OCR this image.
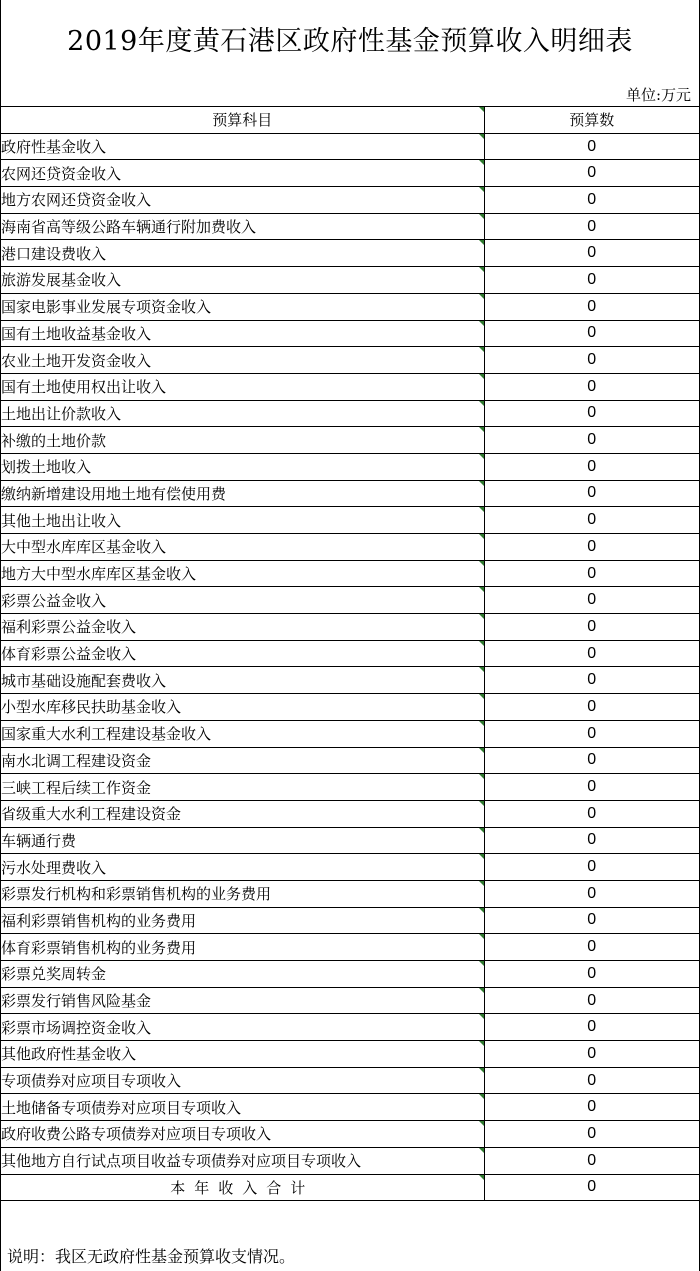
2019年度黄石港区政府性基金预算收入明细表
单位:万元
预算科目	预算数
政府性基金收入	0
农网还贷资金收入	0
地方农网还贷资金收入	0
海南省高等级公路车辆通行附加费收入	0
港口建设费收入	0
旅游发展基金收入	0
国家电影事业发展专项资金收入	0
国有土地收益基金收入	0
农业土地开发资金收入	0
国有土地使用权出让收入	0
土地出让价款收入	0
补缴的土地价款	0
划拨土地收入	0
缴纳新增建设用地土地有偿使用费	0
其他土地出让收入	0
大中型水库库区基金收入	0
地方大中型水库库区基金收入	0
彩票公益金收入	0
福利彩票公益金收入	0
体育彩票公益金收入	0
城市基础设施配套费收入	0
小型水库移民扶助基金收入	0
国家重大水利工程建设基金收入	0
南水北调工程建设资金	0
三峡工程后续工作资金	0
省级重大水利工程建设资金	0
车辆通行费	0
污水处理费收入	0
彩票发行机构和彩票销售机构的业务费用	0
福利彩票销售机构的业务费用	0
体育彩票销售机构的业务费用	0
彩票兑奖周转金	0
彩票发行销售风险基金	0
彩票市场调控资金收入	0
其他政府性基金收入	0
专项债券对应项目专项收入	0
土地储备专项债券对应项目专项收入	0
政府收费公路专项债券对应项目专项收入	0
其他地方自行试点项目收益专项债券对应项目专项收入	0
本年收入合计	0
说明：我区无政府性基金预算收支情况。
